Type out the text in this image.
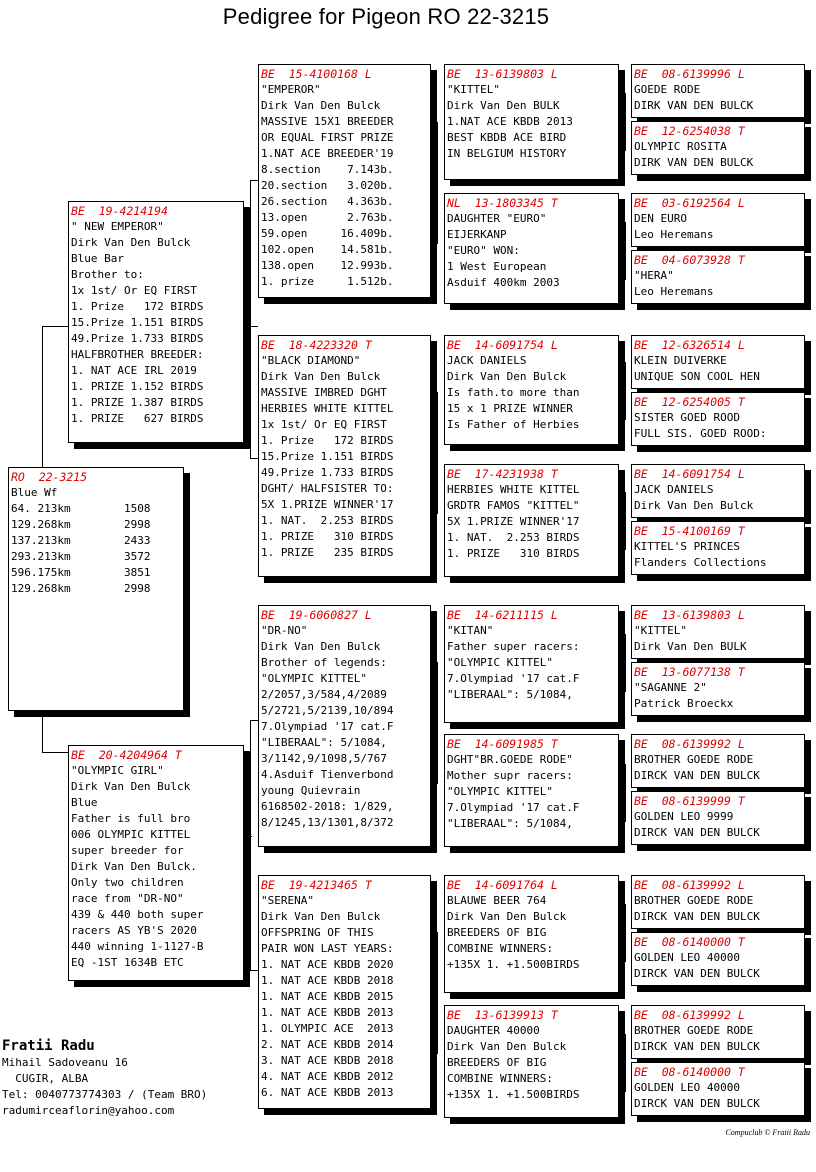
Pedigree for Pigeon RO 22-3215
RO  22-3215
Blue Wf
64. 213km	1508
129.268km	2998
137.213km	2433
293.213km	3572
596.175km	3851
129.268km	2998
BE  19-4214194
" NEW EMPEROR"
Dirk Van Den Bulck
Blue Bar
Brother to:
1x 1st/ Or EQ FIRST
1. Prize   172 BIRDS
15.Prize 1.151 BIRDS
49.Prize 1.733 BIRDS
HALFBROTHER BREEDER:
1. NAT ACE IRL 2019
1. PRIZE 1.152 BIRDS
1. PRIZE 1.387 BIRDS
1. PRIZE   627 BIRDS
BE  20-4204964 T
"OLYMPIC GIRL"
Dirk Van Den Bulck
Blue
Father is full bro
006 OLYMPIC KITTEL
super breeder for
Dirk Van Den Bulck.
Only two children
race from "DR-NO"
439 & 440 both super
racers AS YB'S 2020
440 winning 1-1127-B
EQ -1ST 1634B ETC
BE  15-4100168 L
"EMPEROR"
Dirk Van Den Bulck
MASSIVE 15X1 BREEDER
OR EQUAL FIRST PRIZE
1.NAT ACE BREEDER'19
8.section    7.143b.
20.section   3.020b.
26.section   4.363b.
13.open      2.763b.
59.open     16.409b.
102.open    14.581b.
138.open    12.993b.
1. prize     1.512b.
BE  18-4223320 T
"BLACK DIAMOND"
Dirk Van Den Bulck
MASSIVE IMBRED DGHT
HERBIES WHITE KITTEL
1x 1st/ Or EQ FIRST
1. Prize   172 BIRDS
15.Prize 1.151 BIRDS
49.Prize 1.733 BIRDS
DGHT/ HALFSISTER TO:
5X 1.PRIZE WINNER'17
1. NAT.  2.253 BIRDS
1. PRIZE   310 BIRDS
1. PRIZE   235 BIRDS
BE  19-6060827 L
"DR-NO"
Dirk Van Den Bulck
Brother of legends:
"OLYMPIC KITTEL"
2/2057,3/584,4/2089
5/2721,5/2139,10/894
7.Olympiad '17 cat.F
"LIBERAAL": 5/1084,
3/1142,9/1098,5/767
4.Asduif Tienverbond
young Quievrain
6168502-2018: 1/829,
8/1245,13/1301,8/372
BE  19-4213465 T
"SERENA"
Dirk Van Den Bulck
OFFSPRING OF THIS
PAIR WON LAST YEARS:
1. NAT ACE KBDB 2020
1. NAT ACE KBDB 2018
1. NAT ACE KBDB 2015
1. NAT ACE KBDB 2013
1. OLYMPIC ACE  2013
2. NAT ACE KBDB 2014
3. NAT ACE KBDB 2018
4. NAT ACE KBDB 2012
6. NAT ACE KBDB 2013
BE  13-6139803 L
"KITTEL"
Dirk Van Den BULK
1.NAT ACE KBDB 2013
BEST KBDB ACE BIRD
IN BELGIUM HISTORY
NL  13-1803345 T
DAUGHTER "EURO"
EIJERKANP
"EURO" WON:
1 West European
Asduif 400km 2003
BE  14-6091754 L
JACK DANIELS
Dirk Van Den Bulck
Is fath.to more than
15 x 1 PRIZE WINNER
Is Father of Herbies
BE  17-4231938 T
HERBIES WHITE KITTEL
GRDTR FAMOS "KITTEL"
5X 1.PRIZE WINNER'17
1. NAT.  2.253 BIRDS
1. PRIZE   310 BIRDS
BE  14-6211115 L
"KITAN"
Father super racers:
"OLYMPIC KITTEL"
7.Olympiad '17 cat.F
"LIBERAAL": 5/1084,
BE  14-6091985 T
DGHT"BR.GOEDE RODE"
Mother supr racers:
"OLYMPIC KITTEL"
7.Olympiad '17 cat.F
"LIBERAAL": 5/1084,
BE  14-6091764 L
BLAUWE BEER 764
Dirk Van Den Bulck
BREEDERS OF BIG
COMBINE WINNERS:
+135X 1. +1.500BIRDS
BE  13-6139913 T
DAUGHTER 40000
Dirk Van Den Bulck
BREEDERS OF BIG
COMBINE WINNERS:
+135X 1. +1.500BIRDS
BE  08-6139996 L
GOEDE RODE
DIRK VAN DEN BULCK
BE  12-6254038 T
OLYMPIC ROSITA
DIRK VAN DEN BULCK
BE  03-6192564 L
DEN EURO
Leo Heremans
BE  04-6073928 T
"HERA"
Leo Heremans
BE  12-6326514 L
KLEIN DUIVERKE
UNIQUE SON COOL HEN
BE  12-6254005 T
SISTER GOED ROOD
FULL SIS. GOED ROOD:
BE  14-6091754 L
JACK DANIELS
Dirk Van Den Bulck
BE  15-4100169 T
KITTEL'S PRINCES
Flanders Collections
BE  13-6139803 L
"KITTEL"
Dirk Van Den BULK
BE  13-6077138 T
"SAGANNE 2"
Patrick Broeckx
BE  08-6139992 L
BROTHER GOEDE RODE
DIRCK VAN DEN BULCK
BE  08-6139999 T
GOLDEN LEO 9999
DIRCK VAN DEN BULCK
BE  08-6139992 L
BROTHER GOEDE RODE
DIRCK VAN DEN BULCK
BE  08-6140000 T
GOLDEN LEO 40000
DIRCK VAN DEN BULCK
BE  08-6139992 L
BROTHER GOEDE RODE
DIRCK VAN DEN BULCK
BE  08-6140000 T
GOLDEN LEO 40000
DIRCK VAN DEN BULCK
Fratii Radu
Mihail Sadoveanu 16
CUGIR, ALBA
Tel: 0040773774303 / (Team BRO)
radumirceaflorin@yahoo.com
Compuclub © Fratii Radu
